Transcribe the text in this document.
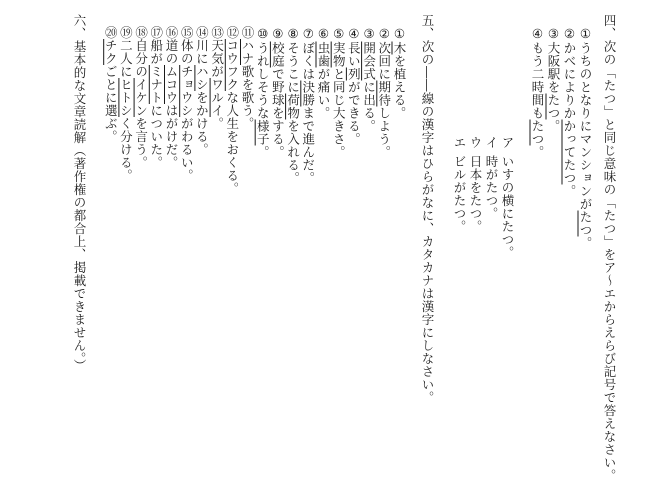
四、次の「たつ」と同じ意味の「たつ」をア〜エからえらび記号で答えなさい。
①うちのとなりにマンションがたつ。
②かべによりかかってたつ。
③大阪駅をたつ。
④もう二時間もたつ。
アいすの横にたつ。
イ時がたつ。
ウ日本をたつ。
エビルがたつ。
五、次の――線の漢字はひらがなに、カタカナは漢字にしなさい。
①木を植える。
②次回に期待しよう。
③開会式に出る。
④長い列ができる。
⑤実物と同じ大きさ。
⑥虫歯が痛い。
⑦ぼくは決勝まで進んだ。
⑧そうこに荷物を入れる。
⑨校庭で野球をする。
⑩うれしそうな様子。
⑪ハナ歌を歌う。
⑫コウフクな人生をおくる。
⑬天気がワルイ。
⑭川にハシをかける。
⑮体のチョウシがわるい。
⑯道のムコウはがけだ。
⑰船がミナトについた。
⑱自分のイケンを言う。
⑲二人にヒトシく分ける。
⑳チクごとに選ぶ。
六、基本的な文章読解（著作権の都合上、掲載できません。）
